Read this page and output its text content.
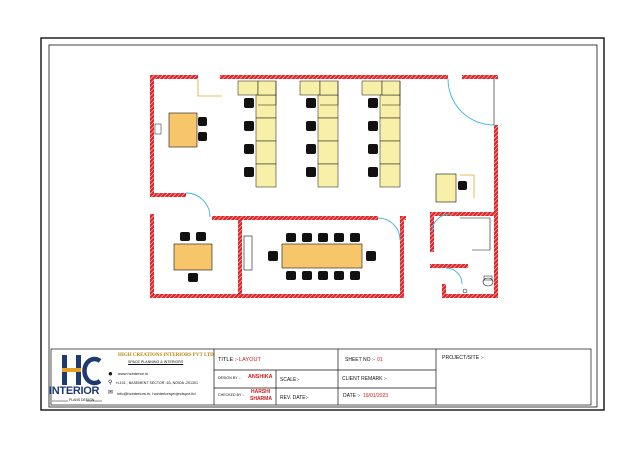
INTERIOR
PLANS DESIGN
HIGH CREATIONS INTERIORS PVT LTD.
SPACE PLANNING & INTERIORS
● www.hcinterior.in
⚲ H-101 , BASEMENT SECTOR -63, NOIDA -201301
✉ info@hcinteriors.in, hcinteriorsprojectspvt.ltd
TITLE :- LAYOUT
DESIGN BY :- ANSHIKA
CHECKED BY :- HARSHI
SHARMA
SCALE:-
REV. DATE:-
SHEET NO :- 01
CLIENT REMARK :-
DATE :- 19/01/2023
PROJECT/SITE :-
